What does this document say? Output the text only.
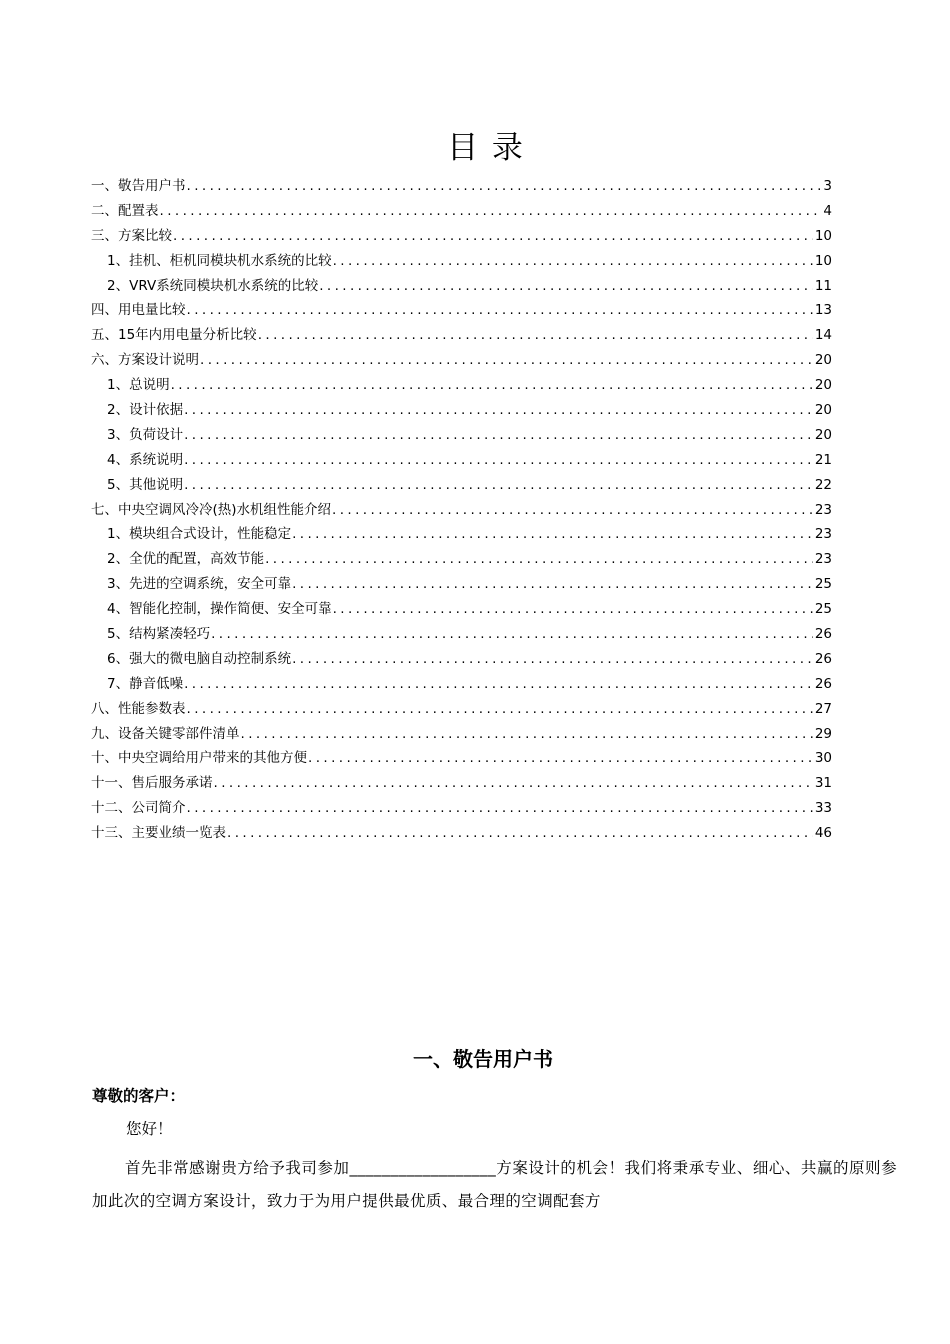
目 录
一、敬告用户书 .....	3
二、配置表 .....	4
三、方案比较 .....	10
1、挂机、柜机同模块机水系统的比较 .....	10
2、VRV系统同模块机水系统的比较 .....	11
四、用电量比较 .....	13
五、15年内用电量分析比较 .....	14
六、方案设计说明 .....	20
1、总说明 .....	20
2、设计依据 .....	20
3、负荷设计 .....	20
4、系统说明 .....	21
5、其他说明 .....	22
七、中央空调风冷冷(热)水机组性能介绍 .....	23
1、模块组合式设计，性能稳定 .....	23
2、全优的配置，高效节能 .....	23
3、先进的空调系统，安全可靠 .....	25
4、智能化控制，操作简便、安全可靠 .....	25
5、结构紧凑轻巧 .....	26
6、强大的微电脑自动控制系统 .....	26
7、静音低噪 .....	26
八、性能参数表 .....	27
九、设备关键零部件清单 .....	29
十、中央空调给用户带来的其他方便 .....	30
十一、售后服务承诺 .....	31
十二、公司简介 .....	33
十三、主要业绩一览表 .....	46
一、敬告用户书
尊敬的客户：
您好！
首先非常感谢贵方给予我司参加__________________方案设计的机会！我们将秉承专业、细心、共赢的原则参加此次的空调方案设计，致力于为用户提供最优质、最合理的空调配套方
